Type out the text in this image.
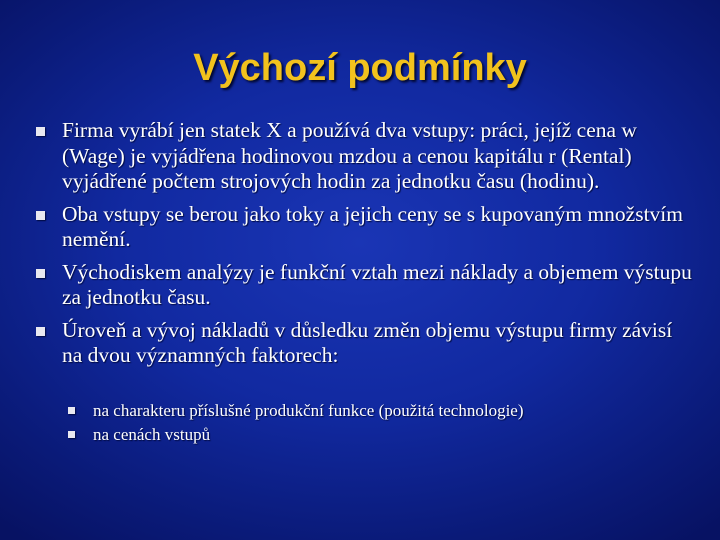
Výchozí podmínky
Firma vyrábí jen statek X a používá dva vstupy: práci, jejíž cena w (Wage) je vyjádřena hodinovou mzdou a cenou kapitálu r (Rental) vyjádřené počtem strojových hodin za jednotku času (hodinu).
Oba vstupy se berou jako toky a jejich ceny se s kupovaným množstvím nemění.
Východiskem analýzy je funkční vztah mezi náklady a objemem výstupu za jednotku času.
Úroveň a vývoj nákladů v důsledku změn objemu výstupu firmy závisí na dvou významných faktorech:
na charakteru příslušné produkční funkce (použitá technologie)
na cenách vstupů
